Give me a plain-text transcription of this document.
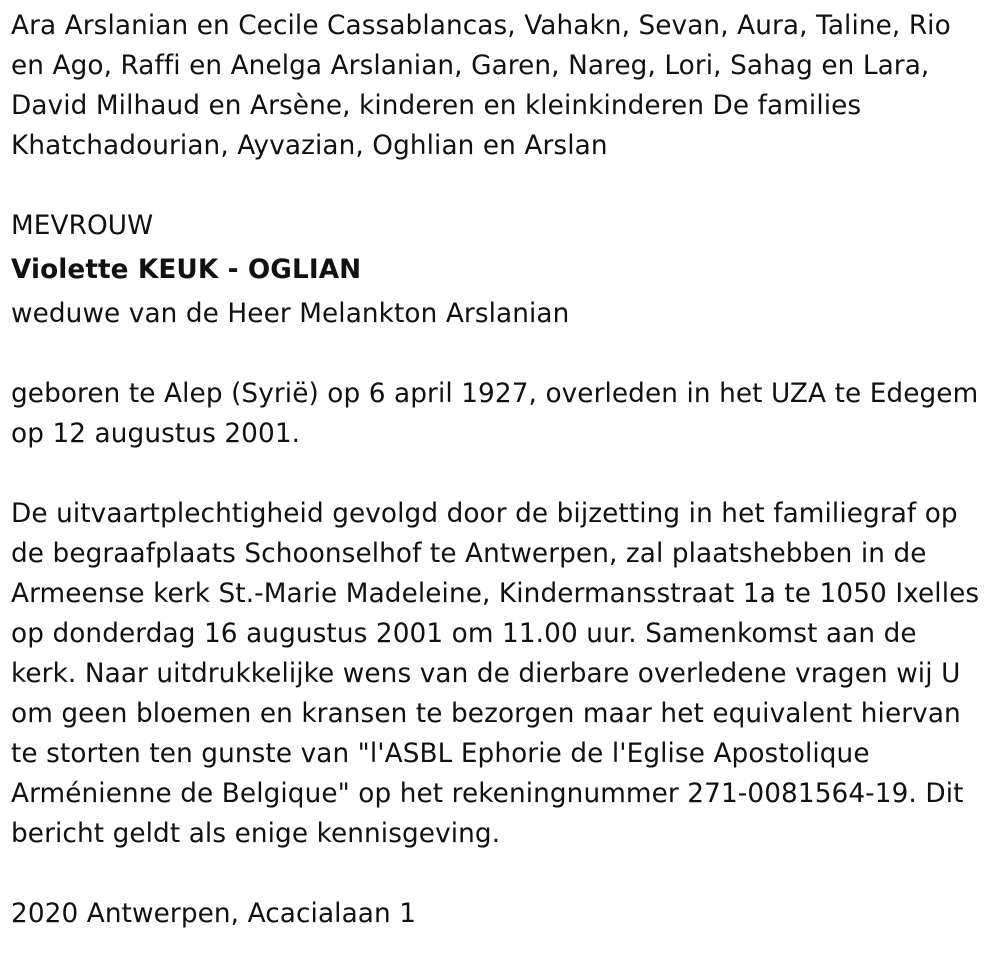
Ara Arslanian en Cecile Cassablancas, Vahakn, Sevan, Aura, Taline, Rio en Ago, Raffi en Anelga Arslanian, Garen, Nareg, Lori, Sahag en Lara, David Milhaud en Arsène, kinderen en kleinkinderen De families Khatchadourian, Ayvazian, Oghlian en Arslan

MEVROUW

Violette KEUK - OGLIAN

weduwe van de Heer Melankton Arslanian

geboren te Alep (Syrië) op 6 april 1927, overleden in het UZA te Edegem op 12 augustus 2001.

De uitvaartplechtigheid gevolgd door de bijzetting in het familiegraf op de begraafplaats Schoonselhof te Antwerpen, zal plaatshebben in de Armeense kerk St.-Marie Madeleine, Kindermansstraat 1a te 1050 Ixelles op donderdag 16 augustus 2001 om 11.00 uur. Samenkomst aan de kerk. Naar uitdrukkelijke wens van de dierbare overledene vragen wij U om geen bloemen en kransen te bezorgen maar het equivalent hiervan te storten ten gunste van "l'ASBL Ephorie de l'Eglise Apostolique Arménienne de Belgique" op het rekeningnummer 271-0081564-19. Dit bericht geldt als enige kennisgeving.

2020 Antwerpen, Acacialaan 1
